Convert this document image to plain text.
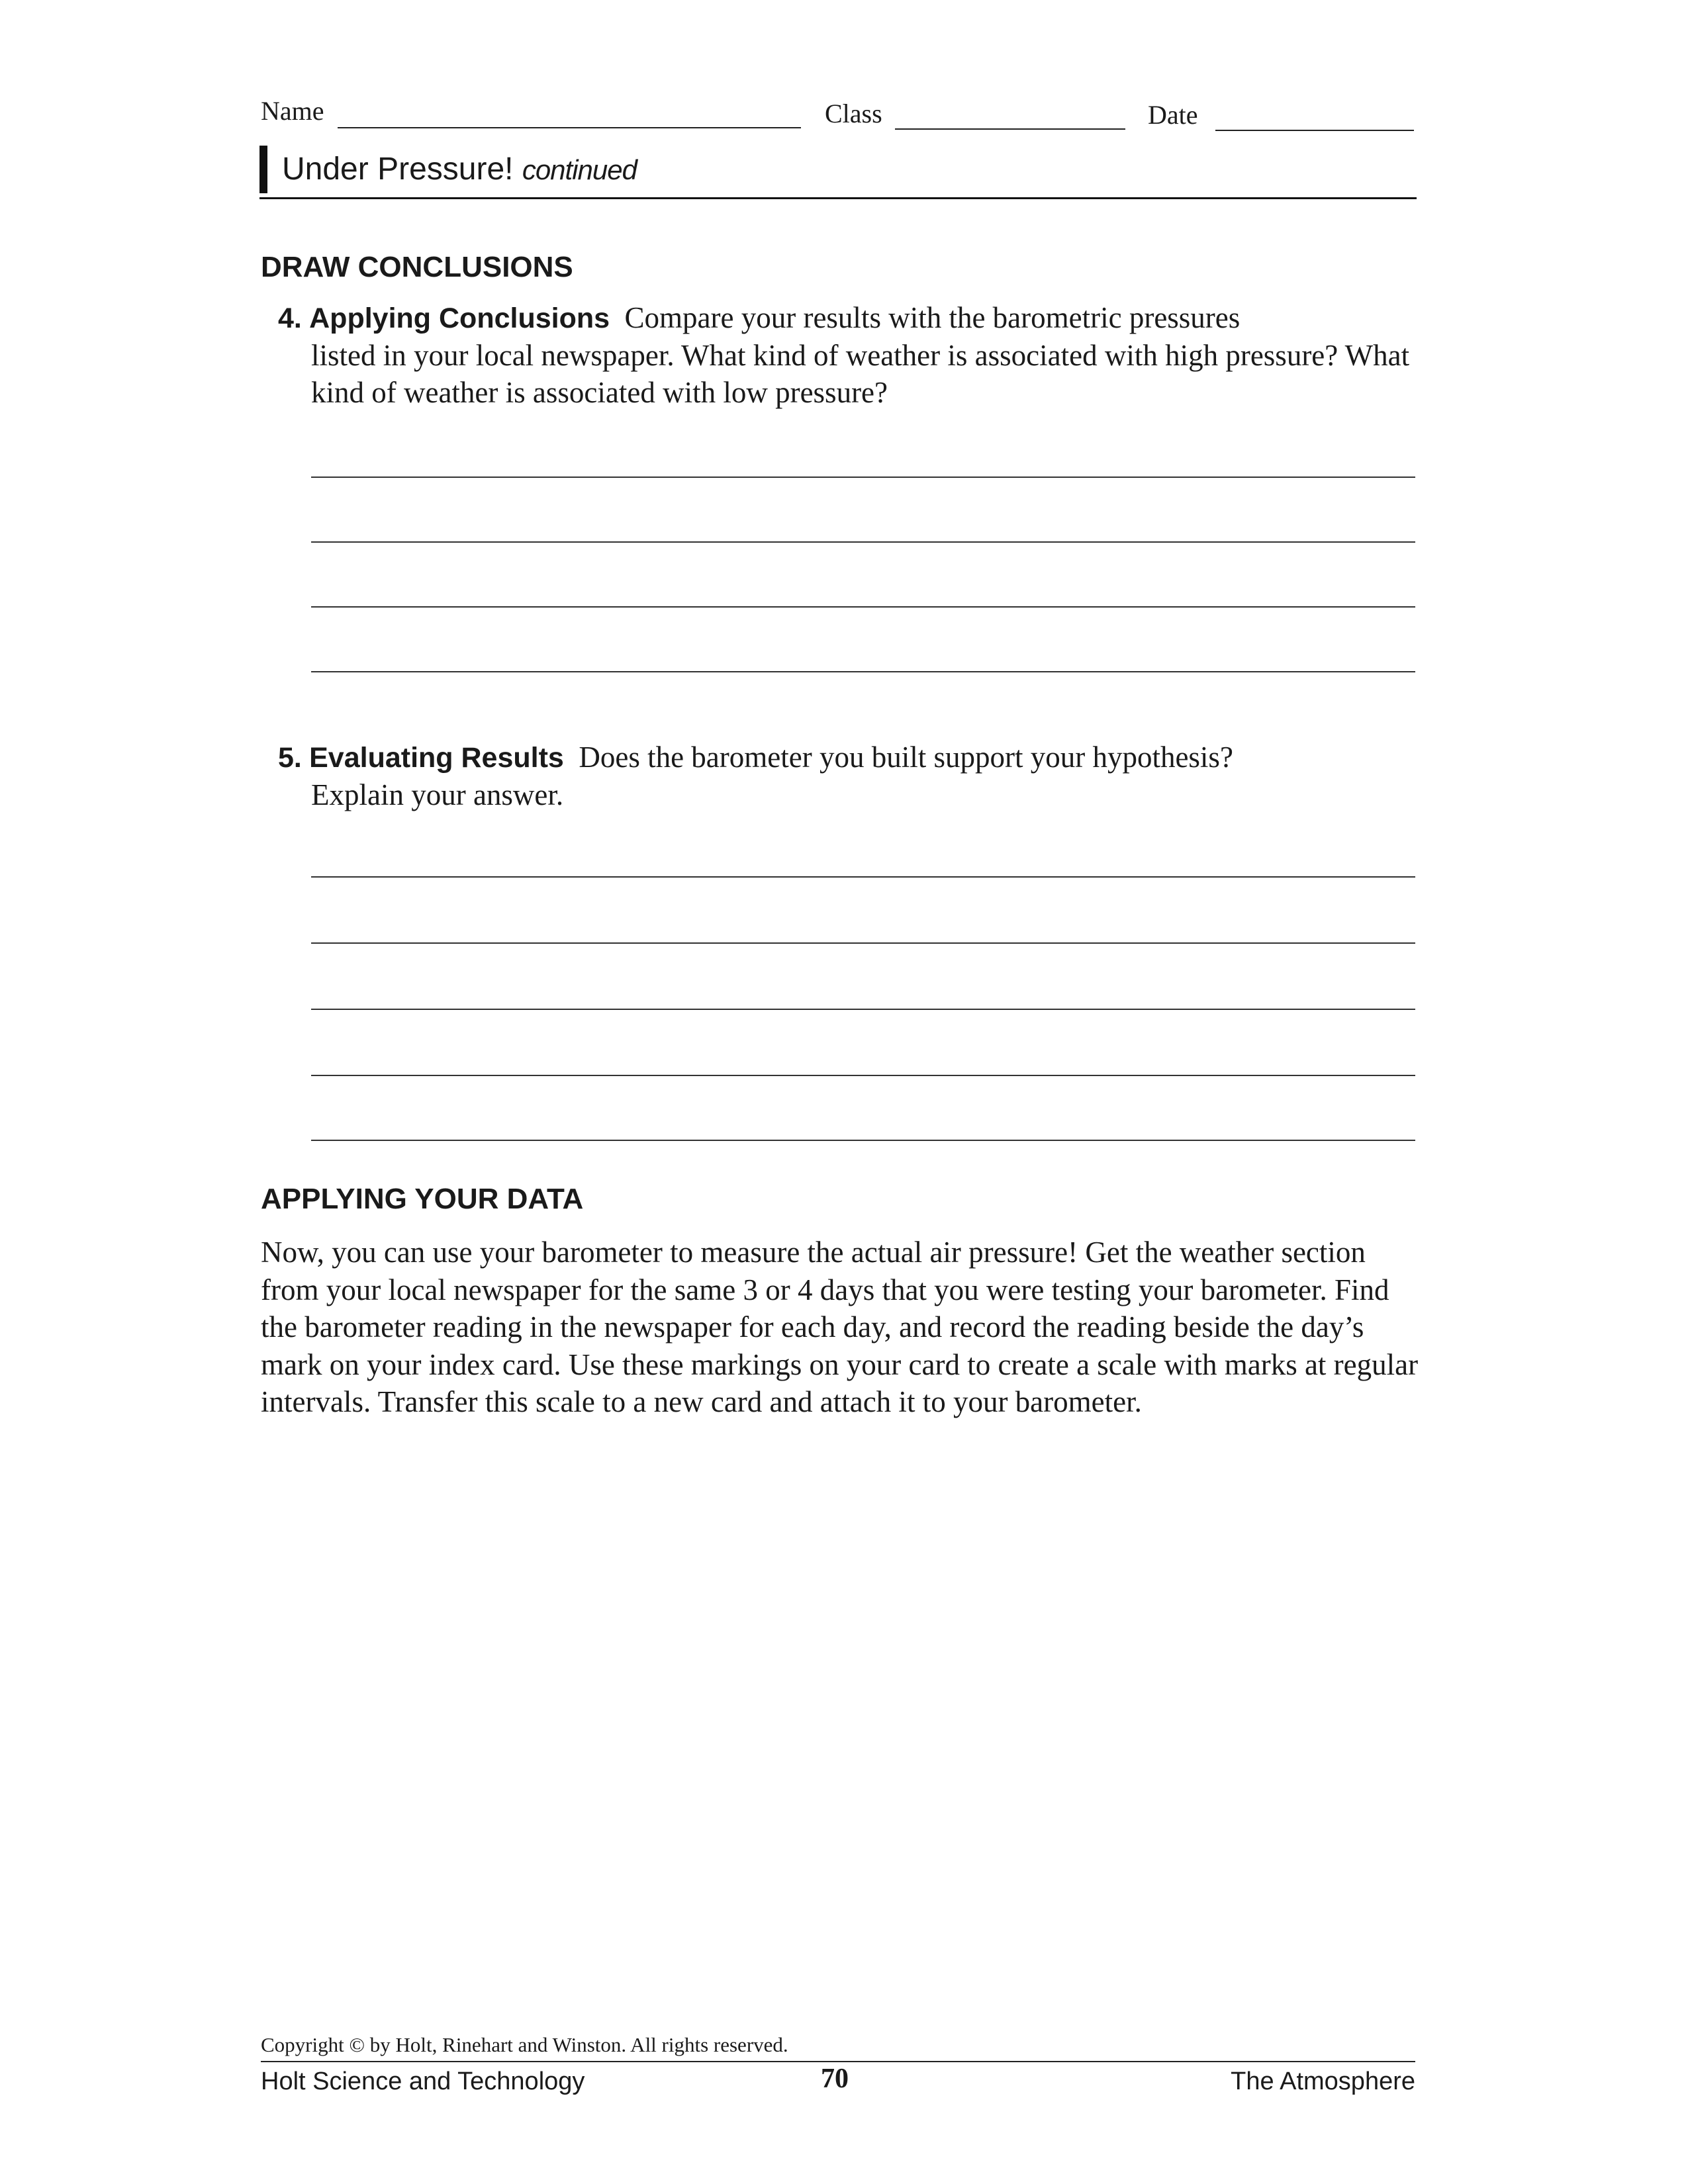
Name	Class	Date
Under Pressure! continued
DRAW CONCLUSIONS
4. Applying Conclusions Compare your results with the barometric pressures
listed in your local newspaper. What kind of weather is associated with high pressure? What kind of weather is associated with low pressure?
5. Evaluating Results Does the barometer you built support your hypothesis?
Explain your answer.
APPLYING YOUR DATA
Now, you can use your barometer to measure the actual air pressure! Get the weather section from your local newspaper for the same 3 or 4 days that you were testing your barometer. Find the barometer reading in the newspaper for each day, and record the reading beside the day’s mark on your index card. Use these markings on your card to create a scale with marks at regular intervals. Transfer this scale to a new card and attach it to your barometer.
Copyright © by Holt, Rinehart and Winston. All rights reserved.
Holt Science and Technology	70	The Atmosphere
